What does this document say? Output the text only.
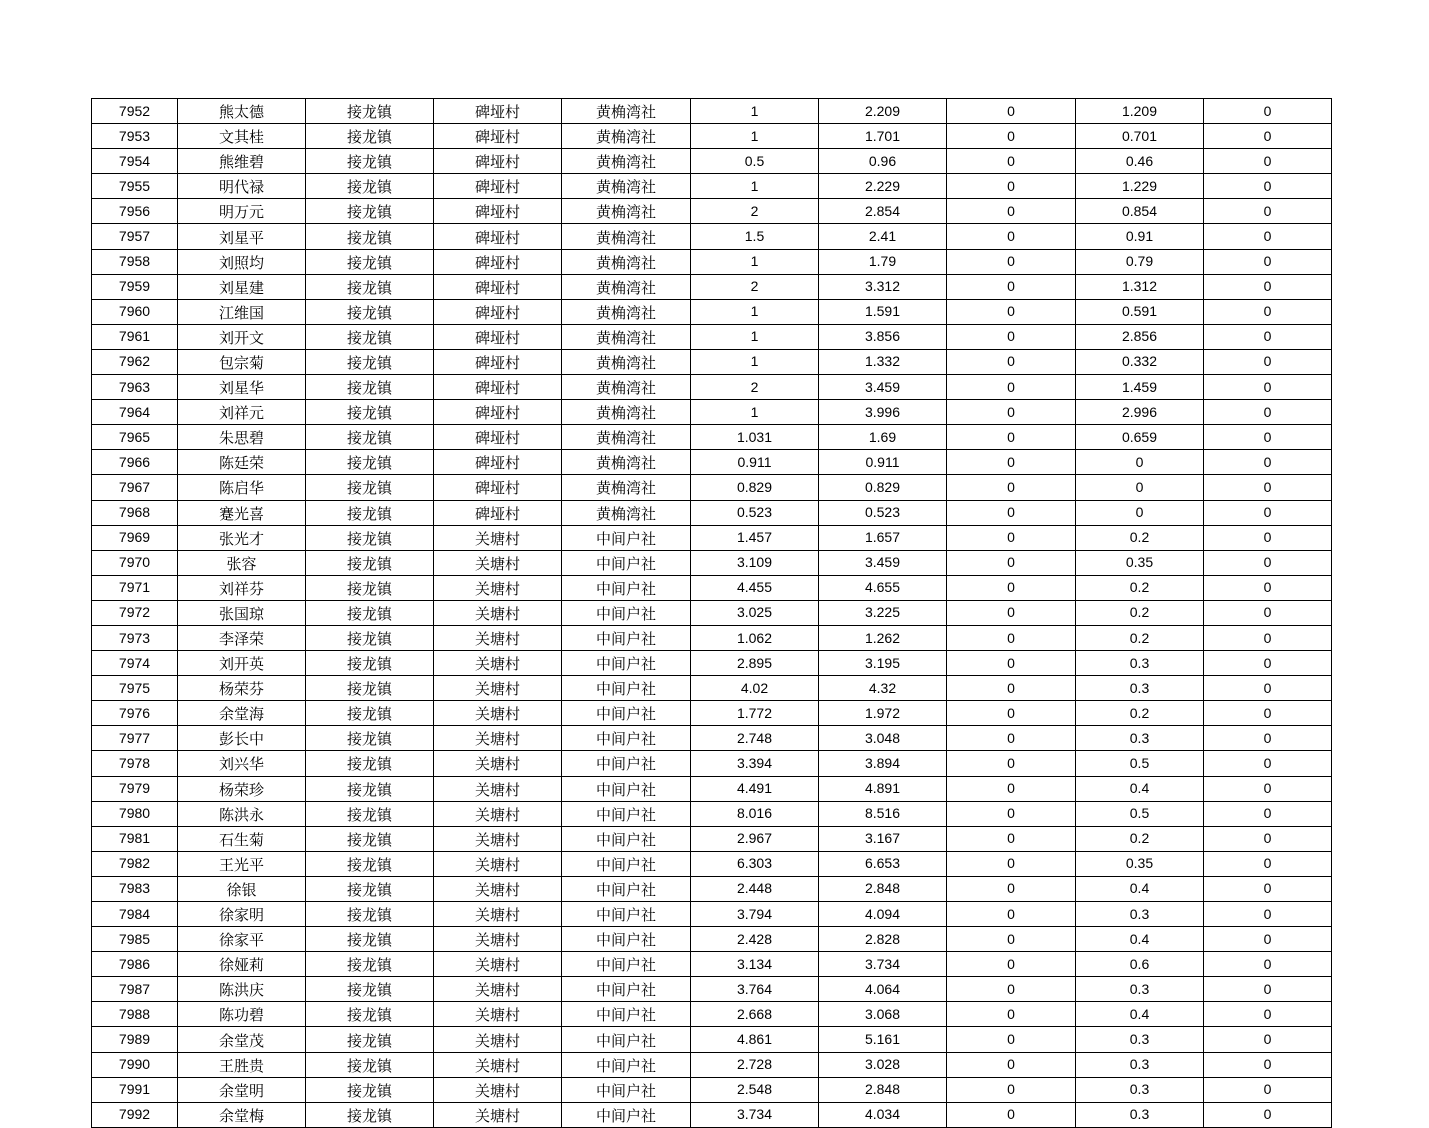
7952	熊太德	接龙镇	碑垭村	黄桷湾社	1	2.209	0	1.209	0
7953	文其桂	接龙镇	碑垭村	黄桷湾社	1	1.701	0	0.701	0
7954	熊维碧	接龙镇	碑垭村	黄桷湾社	0.5	0.96	0	0.46	0
7955	明代禄	接龙镇	碑垭村	黄桷湾社	1	2.229	0	1.229	0
7956	明万元	接龙镇	碑垭村	黄桷湾社	2	2.854	0	0.854	0
7957	刘星平	接龙镇	碑垭村	黄桷湾社	1.5	2.41	0	0.91	0
7958	刘照均	接龙镇	碑垭村	黄桷湾社	1	1.79	0	0.79	0
7959	刘星建	接龙镇	碑垭村	黄桷湾社	2	3.312	0	1.312	0
7960	江维国	接龙镇	碑垭村	黄桷湾社	1	1.591	0	0.591	0
7961	刘开文	接龙镇	碑垭村	黄桷湾社	1	3.856	0	2.856	0
7962	包宗菊	接龙镇	碑垭村	黄桷湾社	1	1.332	0	0.332	0
7963	刘星华	接龙镇	碑垭村	黄桷湾社	2	3.459	0	1.459	0
7964	刘祥元	接龙镇	碑垭村	黄桷湾社	1	3.996	0	2.996	0
7965	朱思碧	接龙镇	碑垭村	黄桷湾社	1.031	1.69	0	0.659	0
7966	陈廷荣	接龙镇	碑垭村	黄桷湾社	0.911	0.911	0	0	0
7967	陈启华	接龙镇	碑垭村	黄桷湾社	0.829	0.829	0	0	0
7968	蹇光喜	接龙镇	碑垭村	黄桷湾社	0.523	0.523	0	0	0
7969	张光才	接龙镇	关塘村	中间户社	1.457	1.657	0	0.2	0
7970	张容	接龙镇	关塘村	中间户社	3.109	3.459	0	0.35	0
7971	刘祥芬	接龙镇	关塘村	中间户社	4.455	4.655	0	0.2	0
7972	张国琼	接龙镇	关塘村	中间户社	3.025	3.225	0	0.2	0
7973	李泽荣	接龙镇	关塘村	中间户社	1.062	1.262	0	0.2	0
7974	刘开英	接龙镇	关塘村	中间户社	2.895	3.195	0	0.3	0
7975	杨荣芬	接龙镇	关塘村	中间户社	4.02	4.32	0	0.3	0
7976	余堂海	接龙镇	关塘村	中间户社	1.772	1.972	0	0.2	0
7977	彭长中	接龙镇	关塘村	中间户社	2.748	3.048	0	0.3	0
7978	刘兴华	接龙镇	关塘村	中间户社	3.394	3.894	0	0.5	0
7979	杨荣珍	接龙镇	关塘村	中间户社	4.491	4.891	0	0.4	0
7980	陈洪永	接龙镇	关塘村	中间户社	8.016	8.516	0	0.5	0
7981	石生菊	接龙镇	关塘村	中间户社	2.967	3.167	0	0.2	0
7982	王光平	接龙镇	关塘村	中间户社	6.303	6.653	0	0.35	0
7983	徐银	接龙镇	关塘村	中间户社	2.448	2.848	0	0.4	0
7984	徐家明	接龙镇	关塘村	中间户社	3.794	4.094	0	0.3	0
7985	徐家平	接龙镇	关塘村	中间户社	2.428	2.828	0	0.4	0
7986	徐娅莉	接龙镇	关塘村	中间户社	3.134	3.734	0	0.6	0
7987	陈洪庆	接龙镇	关塘村	中间户社	3.764	4.064	0	0.3	0
7988	陈功碧	接龙镇	关塘村	中间户社	2.668	3.068	0	0.4	0
7989	余堂茂	接龙镇	关塘村	中间户社	4.861	5.161	0	0.3	0
7990	王胜贵	接龙镇	关塘村	中间户社	2.728	3.028	0	0.3	0
7991	余堂明	接龙镇	关塘村	中间户社	2.548	2.848	0	0.3	0
7992	余堂梅	接龙镇	关塘村	中间户社	3.734	4.034	0	0.3	0
